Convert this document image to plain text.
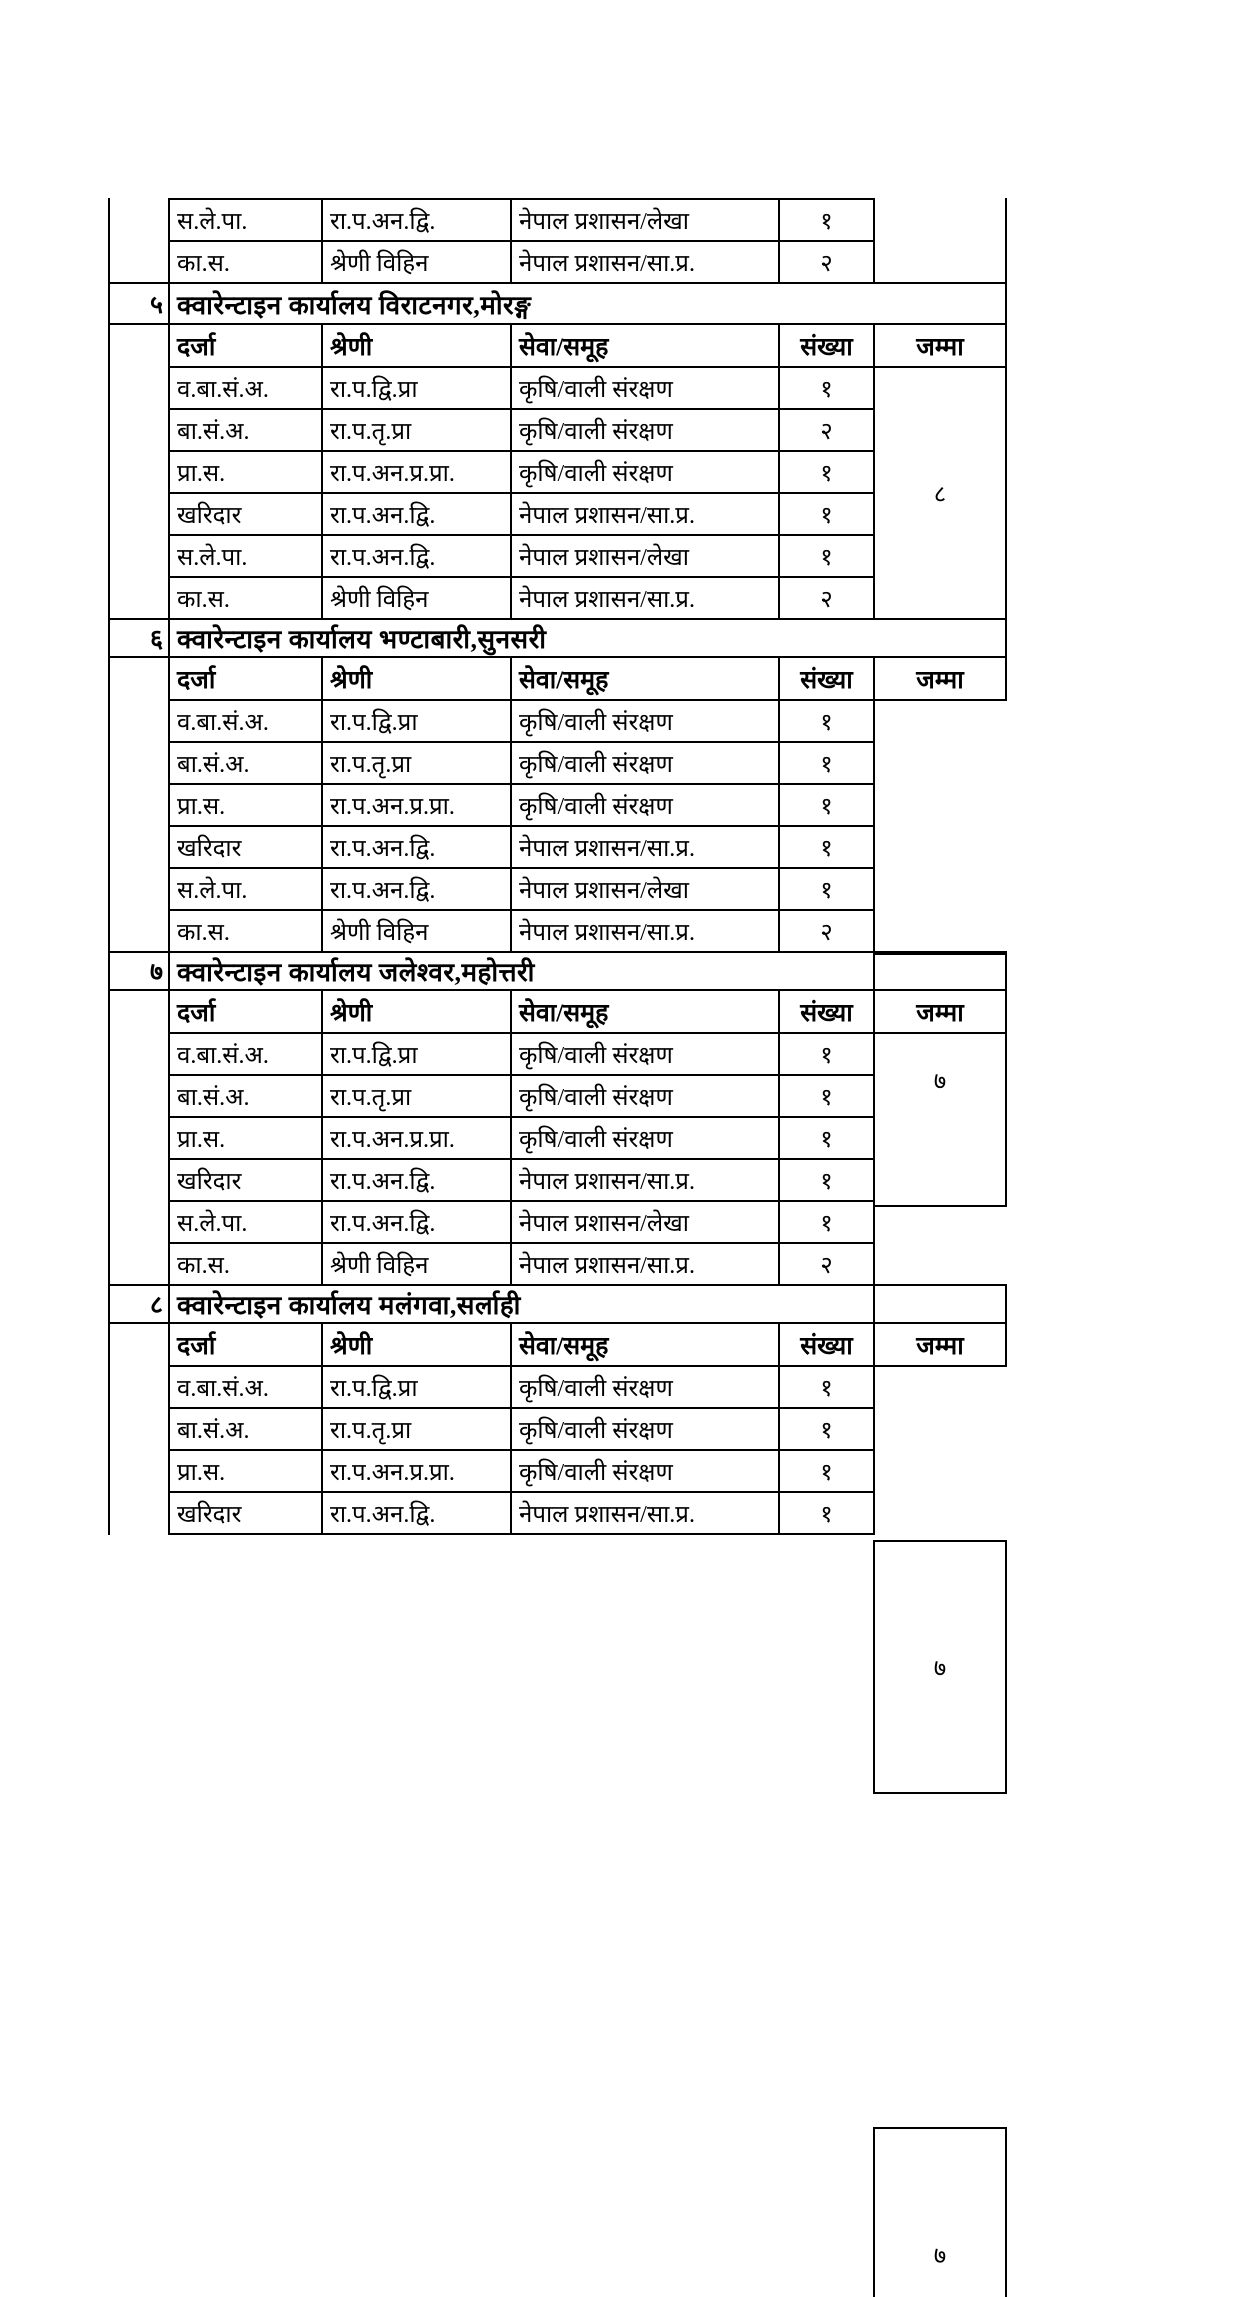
स.ले.पा.	रा.प.अन.द्वि.	नेपाल प्रशासन/लेखा	१
का.स.	श्रेणी विहिन	नेपाल प्रशासन/सा.प्र.	२
५ क्वारेन्टाइन कार्यालय विराटनगर,मोरङ्ग
दर्जा	श्रेणी	सेवा/समूह	संख्या	जम्मा
व.बा.सं.अ.	रा.प.द्वि.प्रा	कृषि/वाली संरक्षण	१
बा.सं.अ.	रा.प.तृ.प्रा	कृषि/वाली संरक्षण	२
प्रा.स.	रा.प.अन.प्र.प्रा.	कृषि/वाली संरक्षण	१
खरिदार	रा.प.अन.द्वि.	नेपाल प्रशासन/सा.प्र.	१
स.ले.पा.	रा.प.अन.द्वि.	नेपाल प्रशासन/लेखा	१
का.स.	श्रेणी विहिन	नेपाल प्रशासन/सा.प्र.	२
८
६ क्वारेन्टाइन कार्यालय भण्टाबारी,सुनसरी
दर्जा	श्रेणी	सेवा/समूह	संख्या	जम्मा
व.बा.सं.अ.	रा.प.द्वि.प्रा	कृषि/वाली संरक्षण	१
बा.सं.अ.	रा.प.तृ.प्रा	कृषि/वाली संरक्षण	१
प्रा.स.	रा.प.अन.प्र.प्रा.	कृषि/वाली संरक्षण	१
खरिदार	रा.प.अन.द्वि.	नेपाल प्रशासन/सा.प्र.	१
स.ले.पा.	रा.प.अन.द्वि.	नेपाल प्रशासन/लेखा	१
का.स.	श्रेणी विहिन	नेपाल प्रशासन/सा.प्र.	२
७
७ क्वारेन्टाइन कार्यालय जलेश्वर,महोत्तरी
दर्जा	श्रेणी	सेवा/समूह	संख्या	जम्मा
व.बा.सं.अ.	रा.प.द्वि.प्रा	कृषि/वाली संरक्षण	१
बा.सं.अ.	रा.प.तृ.प्रा	कृषि/वाली संरक्षण	१
प्रा.स.	रा.प.अन.प्र.प्रा.	कृषि/वाली संरक्षण	१
खरिदार	रा.प.अन.द्वि.	नेपाल प्रशासन/सा.प्र.	१
स.ले.पा.	रा.प.अन.द्वि.	नेपाल प्रशासन/लेखा	१
का.स.	श्रेणी विहिन	नेपाल प्रशासन/सा.प्र.	२
७
८ क्वारेन्टाइन कार्यालय मलंगवा,सर्लाही
दर्जा	श्रेणी	सेवा/समूह	संख्या	जम्मा
व.बा.सं.अ.	रा.प.द्वि.प्रा	कृषि/वाली संरक्षण	१
बा.सं.अ.	रा.प.तृ.प्रा	कृषि/वाली संरक्षण	१
प्रा.स.	रा.प.अन.प्र.प्रा.	कृषि/वाली संरक्षण	१
खरिदार	रा.प.अन.द्वि.	नेपाल प्रशासन/सा.प्र.	१
७
